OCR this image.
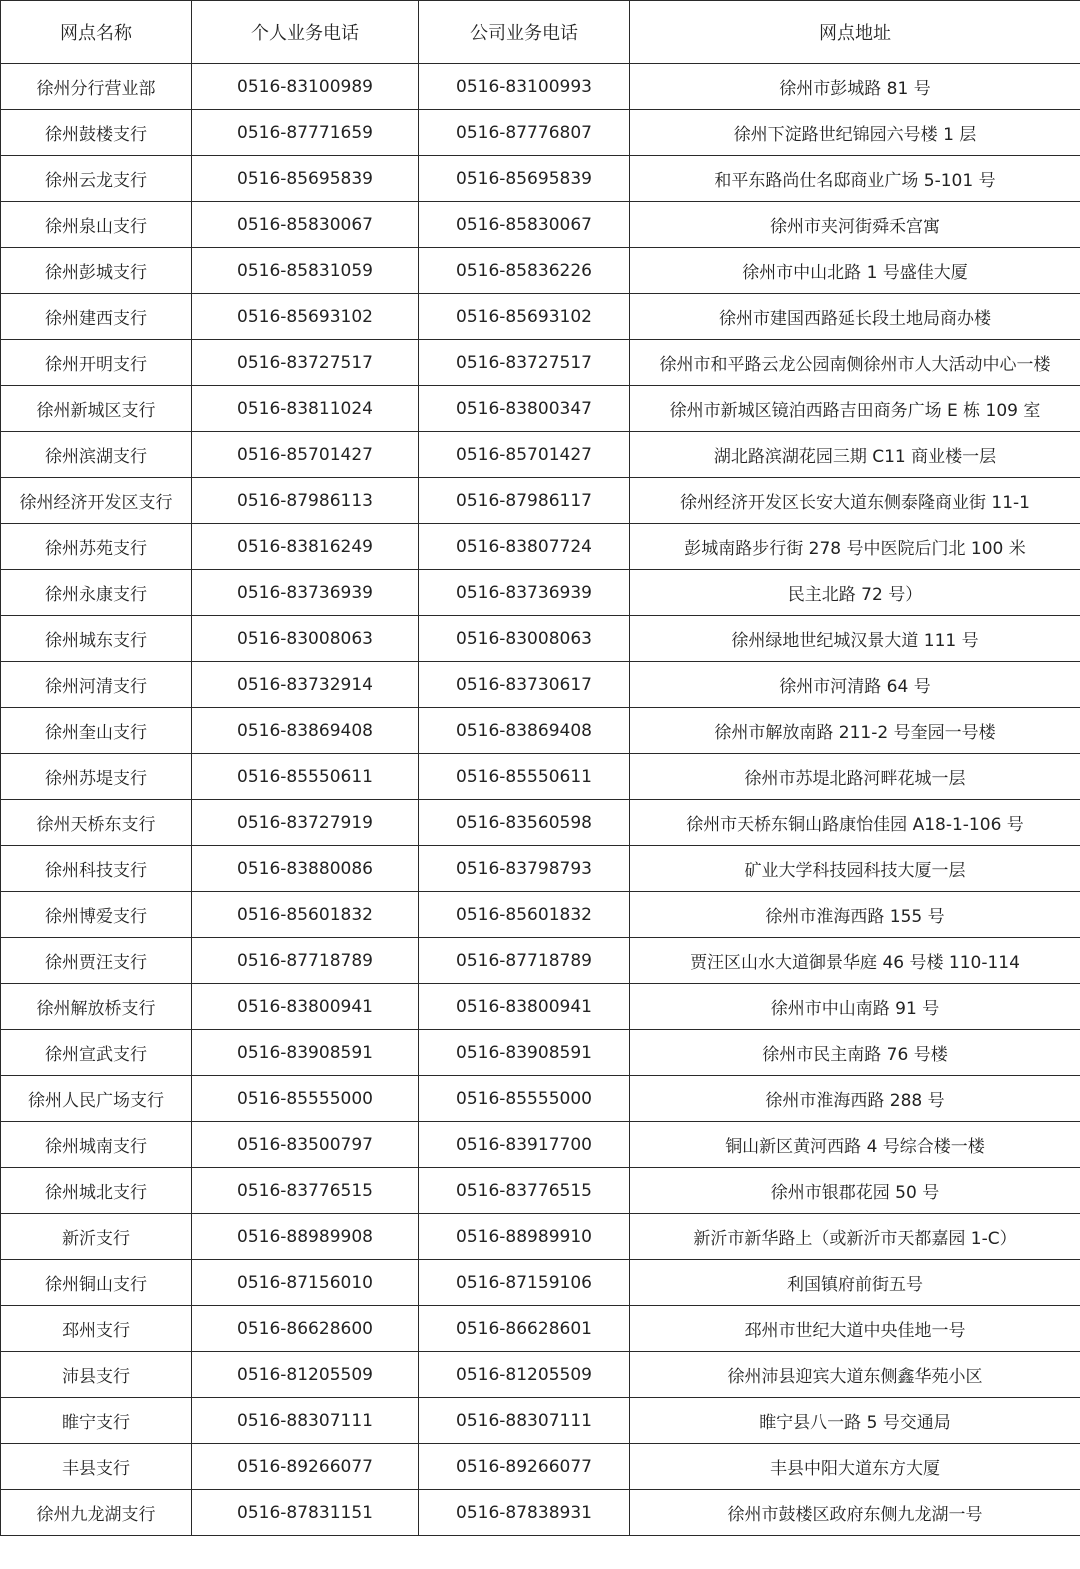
网点名称	个人业务电话	公司业务电话	网点地址
徐州分行营业部	0516-83100989	0516-83100993	徐州市彭城路 81 号
徐州鼓楼支行	0516-87771659	0516-87776807	徐州下淀路世纪锦园六号楼 1 层
徐州云龙支行	0516-85695839	0516-85695839	和平东路尚仕名邸商业广场 5-101 号
徐州泉山支行	0516-85830067	0516-85830067	徐州市夹河街舜禾宫寓
徐州彭城支行	0516-85831059	0516-85836226	徐州市中山北路 1 号盛佳大厦
徐州建西支行	0516-85693102	0516-85693102	徐州市建国西路延长段土地局商办楼
徐州开明支行	0516-83727517	0516-83727517	徐州市和平路云龙公园南侧徐州市人大活动中心一楼
徐州新城区支行	0516-83811024	0516-83800347	徐州市新城区镜泊西路吉田商务广场 E 栋 109 室
徐州滨湖支行	0516-85701427	0516-85701427	湖北路滨湖花园三期 C11 商业楼一层
徐州经济开发区支行	0516-87986113	0516-87986117	徐州经济开发区长安大道东侧泰隆商业街 11-1
徐州苏苑支行	0516-83816249	0516-83807724	彭城南路步行街 278 号中医院后门北 100 米
徐州永康支行	0516-83736939	0516-83736939	民主北路 72 号）
徐州城东支行	0516-83008063	0516-83008063	徐州绿地世纪城汉景大道 111 号
徐州河清支行	0516-83732914	0516-83730617	徐州市河清路 64 号
徐州奎山支行	0516-83869408	0516-83869408	徐州市解放南路 211-2 号奎园一号楼
徐州苏堤支行	0516-85550611	0516-85550611	徐州市苏堤北路河畔花城一层
徐州天桥东支行	0516-83727919	0516-83560598	徐州市天桥东铜山路康怡佳园 A18-1-106 号
徐州科技支行	0516-83880086	0516-83798793	矿业大学科技园科技大厦一层
徐州博爱支行	0516-85601832	0516-85601832	徐州市淮海西路 155 号
徐州贾汪支行	0516-87718789	0516-87718789	贾汪区山水大道御景华庭 46 号楼 110-114
徐州解放桥支行	0516-83800941	0516-83800941	徐州市中山南路 91 号
徐州宣武支行	0516-83908591	0516-83908591	徐州市民主南路 76 号楼
徐州人民广场支行	0516-85555000	0516-85555000	徐州市淮海西路 288 号
徐州城南支行	0516-83500797	0516-83917700	铜山新区黄河西路 4 号综合楼一楼
徐州城北支行	0516-83776515	0516-83776515	徐州市银郡花园 50 号
新沂支行	0516-88989908	0516-88989910	新沂市新华路上（或新沂市天都嘉园 1-C）
徐州铜山支行	0516-87156010	0516-87159106	利国镇府前街五号
邳州支行	0516-86628600	0516-86628601	邳州市世纪大道中央佳地一号
沛县支行	0516-81205509	0516-81205509	徐州沛县迎宾大道东侧鑫华苑小区
睢宁支行	0516-88307111	0516-88307111	睢宁县八一路 5 号交通局
丰县支行	0516-89266077	0516-89266077	丰县中阳大道东方大厦
徐州九龙湖支行	0516-87831151	0516-87838931	徐州市鼓楼区政府东侧九龙湖一号
